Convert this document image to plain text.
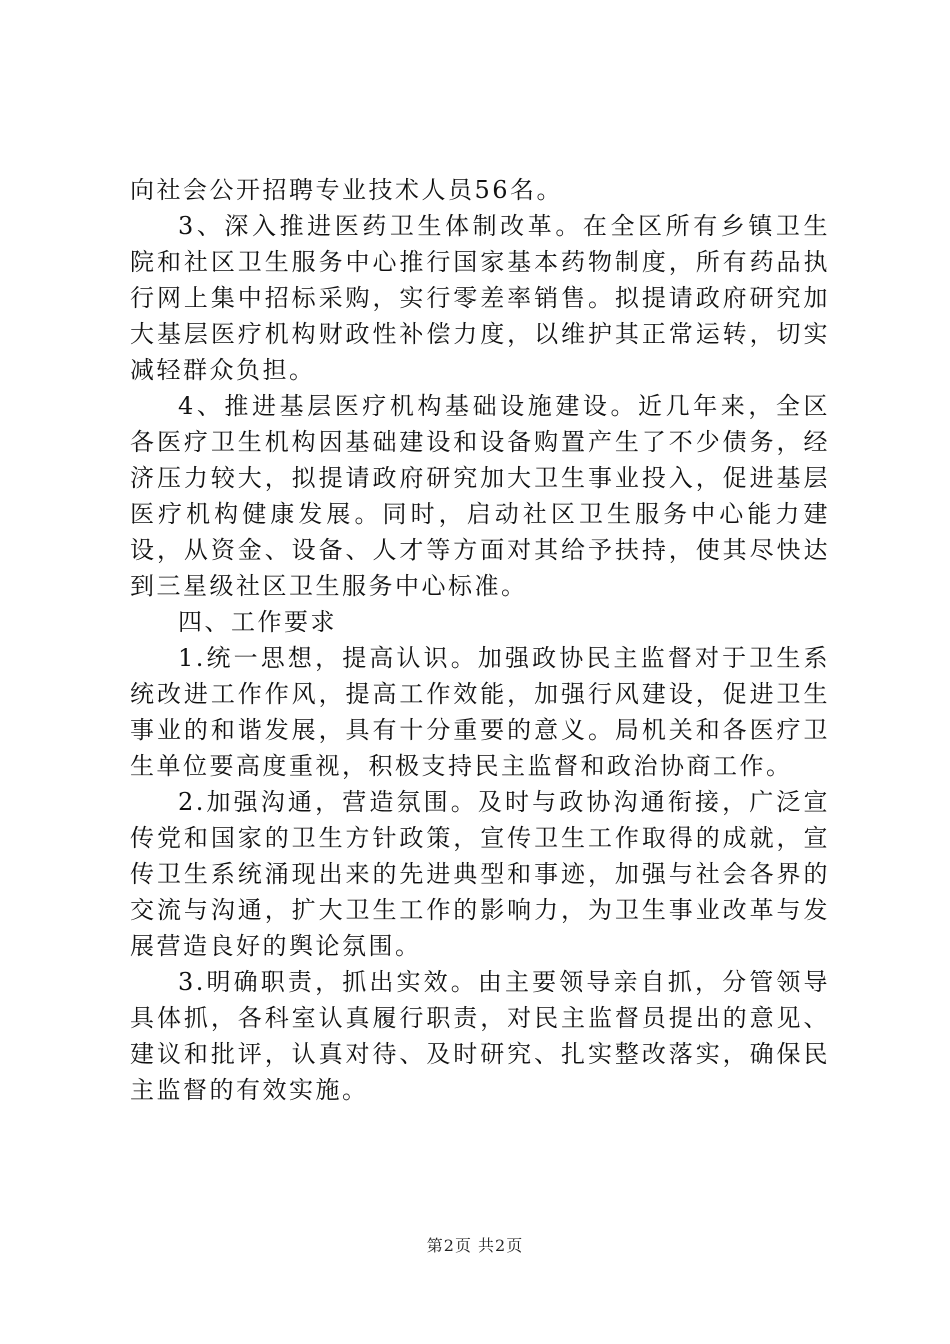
向社会公开招聘专业技术人员56名。

3、深入推进医药卫生体制改革。在全区所有乡镇卫生院和社区卫生服务中心推行国家基本药物制度，所有药品执行网上集中招标采购，实行零差率销售。拟提请政府研究加大基层医疗机构财政性补偿力度，以维护其正常运转，切实减轻群众负担。

4、推进基层医疗机构基础设施建设。近几年来，全区各医疗卫生机构因基础建设和设备购置产生了不少债务，经济压力较大，拟提请政府研究加大卫生事业投入，促进基层医疗机构健康发展。同时，启动社区卫生服务中心能力建设，从资金、设备、人才等方面对其给予扶持，使其尽快达到三星级社区卫生服务中心标准。

四、工作要求

1.统一思想，提高认识。加强政协民主监督对于卫生系统改进工作作风，提高工作效能，加强行风建设，促进卫生事业的和谐发展，具有十分重要的意义。局机关和各医疗卫生单位要高度重视，积极支持民主监督和政治协商工作。

2.加强沟通，营造氛围。及时与政协沟通衔接，广泛宣传党和国家的卫生方针政策，宣传卫生工作取得的成就，宣传卫生系统涌现出来的先进典型和事迹，加强与社会各界的交流与沟通，扩大卫生工作的影响力，为卫生事业改革与发展营造良好的舆论氛围。

3.明确职责，抓出实效。由主要领导亲自抓，分管领导具体抓，各科室认真履行职责，对民主监督员提出的意见、建议和批评，认真对待、及时研究、扎实整改落实，确保民主监督的有效实施。

第2页 共2页
